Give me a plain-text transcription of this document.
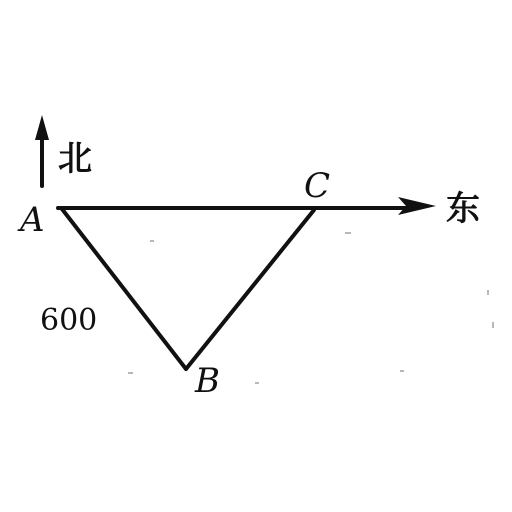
北
东
A
B
C
600
